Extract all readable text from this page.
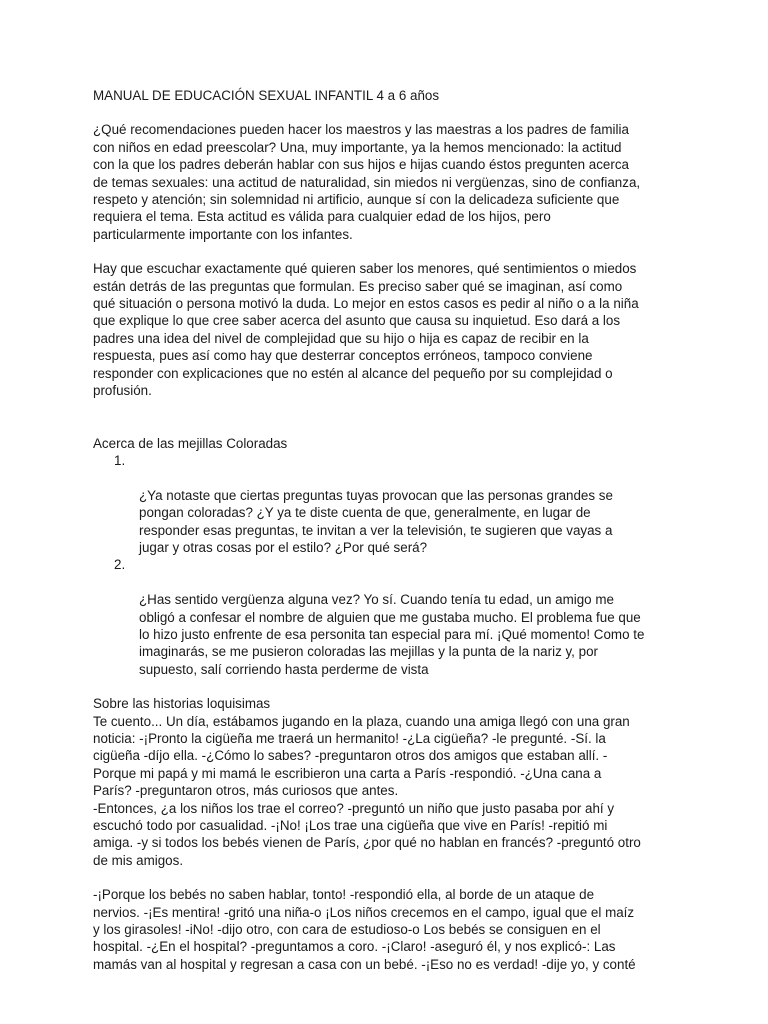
MANUAL DE EDUCACIÓN SEXUAL INFANTIL 4 a 6 años

¿Qué recomendaciones pueden hacer los maestros y las maestras a los padres de familia
con niños en edad preescolar? Una, muy importante, ya la hemos mencionado: la actitud
con la que los padres deberán hablar con sus hijos e hijas cuando éstos pregunten acerca
de temas sexuales: una actitud de naturalidad, sin miedos ni vergüenzas, sino de confianza,
respeto y atención; sin solemnidad ni artificio, aunque sí con la delicadeza suficiente que
requiera el tema. Esta actitud es válida para cualquier edad de los hijos, pero
particularmente importante con los infantes.

Hay que escuchar exactamente qué quieren saber los menores, qué sentimientos o miedos
están detrás de las preguntas que formulan. Es preciso saber qué se imaginan, así como
qué situación o persona motivó la duda. Lo mejor en estos casos es pedir al niño o a la niña
que explique lo que cree saber acerca del asunto que causa su inquietud. Eso dará a los
padres una idea del nivel de complejidad que su hijo o hija es capaz de recibir en la
respuesta, pues así como hay que desterrar conceptos erróneos, tampoco conviene
responder con explicaciones que no estén al alcance del pequeño por su complejidad o
profusión.

Acerca de las mejillas Coloradas

1.

¿Ya notaste que ciertas preguntas tuyas provocan que las personas grandes se
pongan coloradas? ¿Y ya te diste cuenta de que, generalmente, en lugar de
responder esas preguntas, te invitan a ver la televisión, te sugieren que vayas a
jugar y otras cosas por el estilo? ¿Por qué será?

2.

¿Has sentido vergüenza alguna vez? Yo sí. Cuando tenía tu edad, un amigo me
obligó a confesar el nombre de alguien que me gustaba mucho. El problema fue que
lo hizo justo enfrente de esa personita tan especial para mí. ¡Qué momento! Como te
imaginarás, se me pusieron coloradas las mejillas y la punta de la nariz y, por
supuesto, salí corriendo hasta perderme de vista

Sobre las historias loquisimas

Te cuento... Un día, estábamos jugando en la plaza, cuando una amiga llegó con una gran
noticia: -¡Pronto la cigüeña me traerá un hermanito! -¿La cigüeña? -le pregunté. -Sí. la
cigüeña -díjo ella. -¿Cómo lo sabes? -preguntaron otros dos amigos que estaban allí. -
Porque mi papá y mi mamá le escribieron una carta a París -respondió. -¿Una cana a
París? -preguntaron otros, más curiosos que antes.

-Entonces, ¿a los niños los trae el correo? -preguntó un niño que justo pasaba por ahí y
escuchó todo por casualidad. -¡No! ¡Los trae una cigüeña que vive en París! -repitió mi
amiga. -y si todos los bebés vienen de París, ¿por qué no hablan en francés? -preguntó otro
de mis amigos.

-¡Porque los bebés no saben hablar, tonto! -respondió ella, al borde de un ataque de
nervios. -¡Es mentira! -gritó una niña-o ¡Los niños crecemos en el campo, igual que el maíz
y los girasoles! -iNo! -dijo otro, con cara de estudioso-o Los bebés se consiguen en el
hospital. -¿En el hospital? -preguntamos a coro. -¡Claro! -aseguró él, y nos explicó-: Las
mamás van al hospital y regresan a casa con un bebé. -¡Eso no es verdad! -dije yo, y conté
